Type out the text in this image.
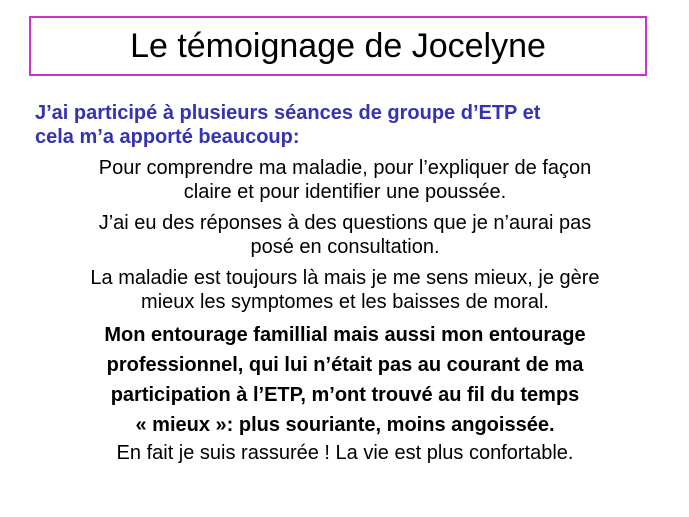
Le témoignage de Jocelyne
J’ai participé à plusieurs séances de groupe d’ETP et
cela m’a apporté beaucoup:
Pour comprendre ma maladie, pour l’expliquer de façon
claire et pour identifier une poussée.
J’ai eu des réponses à des questions que je n’aurai pas
posé en consultation.
La maladie est toujours là mais je me sens mieux, je gère
mieux les symptomes et les baisses de moral.
Mon entourage famillial mais aussi mon entourage
professionnel, qui lui n’était pas au courant de ma
participation à l’ETP, m’ont trouvé au fil du temps
« mieux »: plus souriante, moins angoissée.
En fait je suis rassurée ! La vie est plus confortable.
